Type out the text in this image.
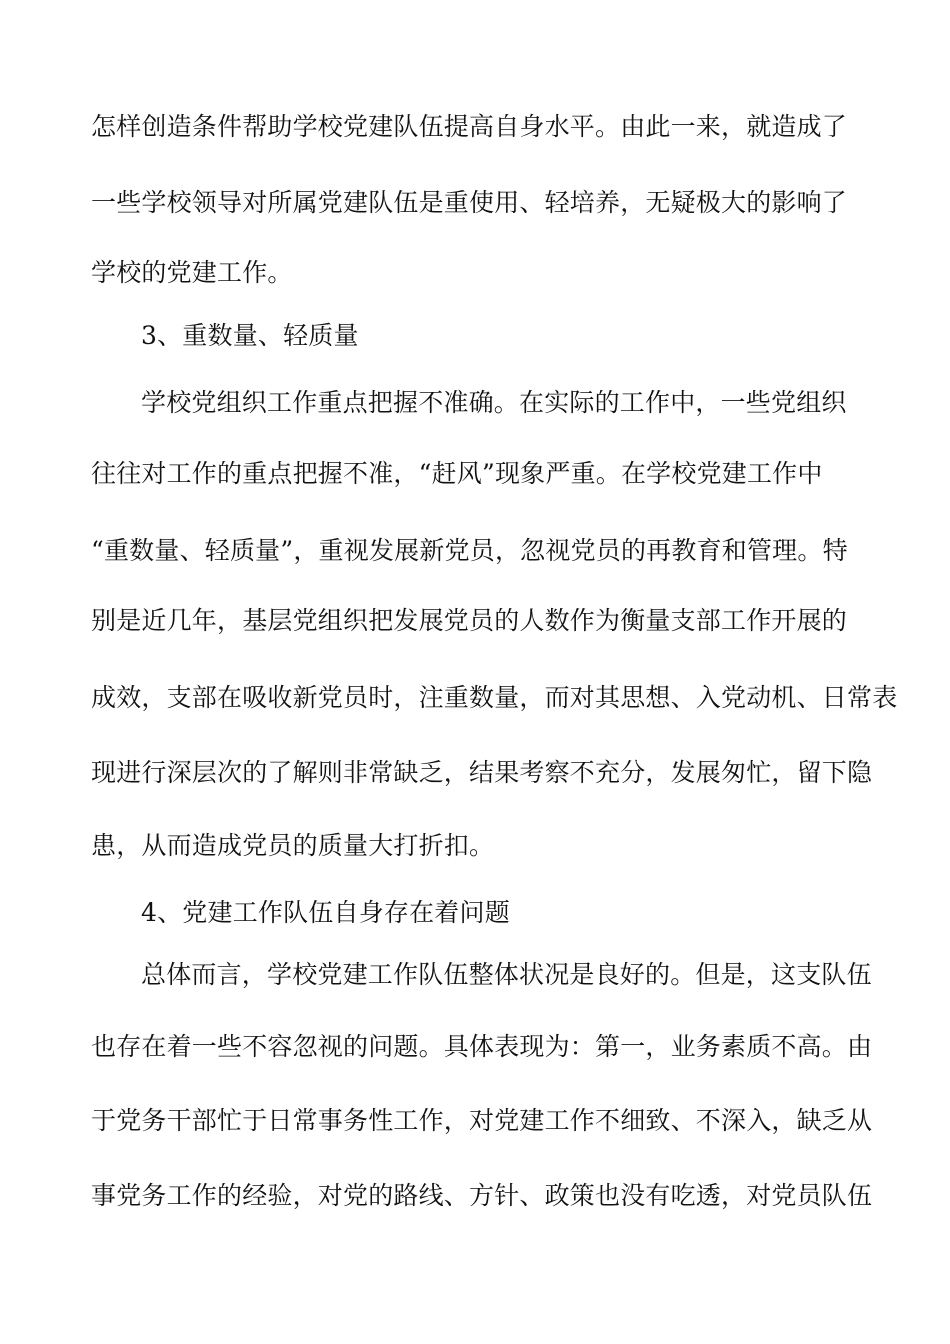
怎样创造条件帮助学校党建队伍提高自身水平。由此一来，就造成了
一些学校领导对所属党建队伍是重使用、轻培养，无疑极大的影响了
学校的党建工作。
3、重数量、轻质量
学校党组织工作重点把握不准确。在实际的工作中，一些党组织
往往对工作的重点把握不准，“赶风”现象严重。在学校党建工作中
“重数量、轻质量”，重视发展新党员，忽视党员的再教育和管理。特
别是近几年，基层党组织把发展党员的人数作为衡量支部工作开展的
成效，支部在吸收新党员时，注重数量，而对其思想、入党动机、日常表
现进行深层次的了解则非常缺乏，结果考察不充分，发展匆忙，留下隐
患，从而造成党员的质量大打折扣。
4、党建工作队伍自身存在着问题
总体而言，学校党建工作队伍整体状况是良好的。但是，这支队伍
也存在着一些不容忽视的问题。具体表现为：第一，业务素质不高。由
于党务干部忙于日常事务性工作，对党建工作不细致、不深入，缺乏从
事党务工作的经验，对党的路线、方针、政策也没有吃透，对党员队伍
